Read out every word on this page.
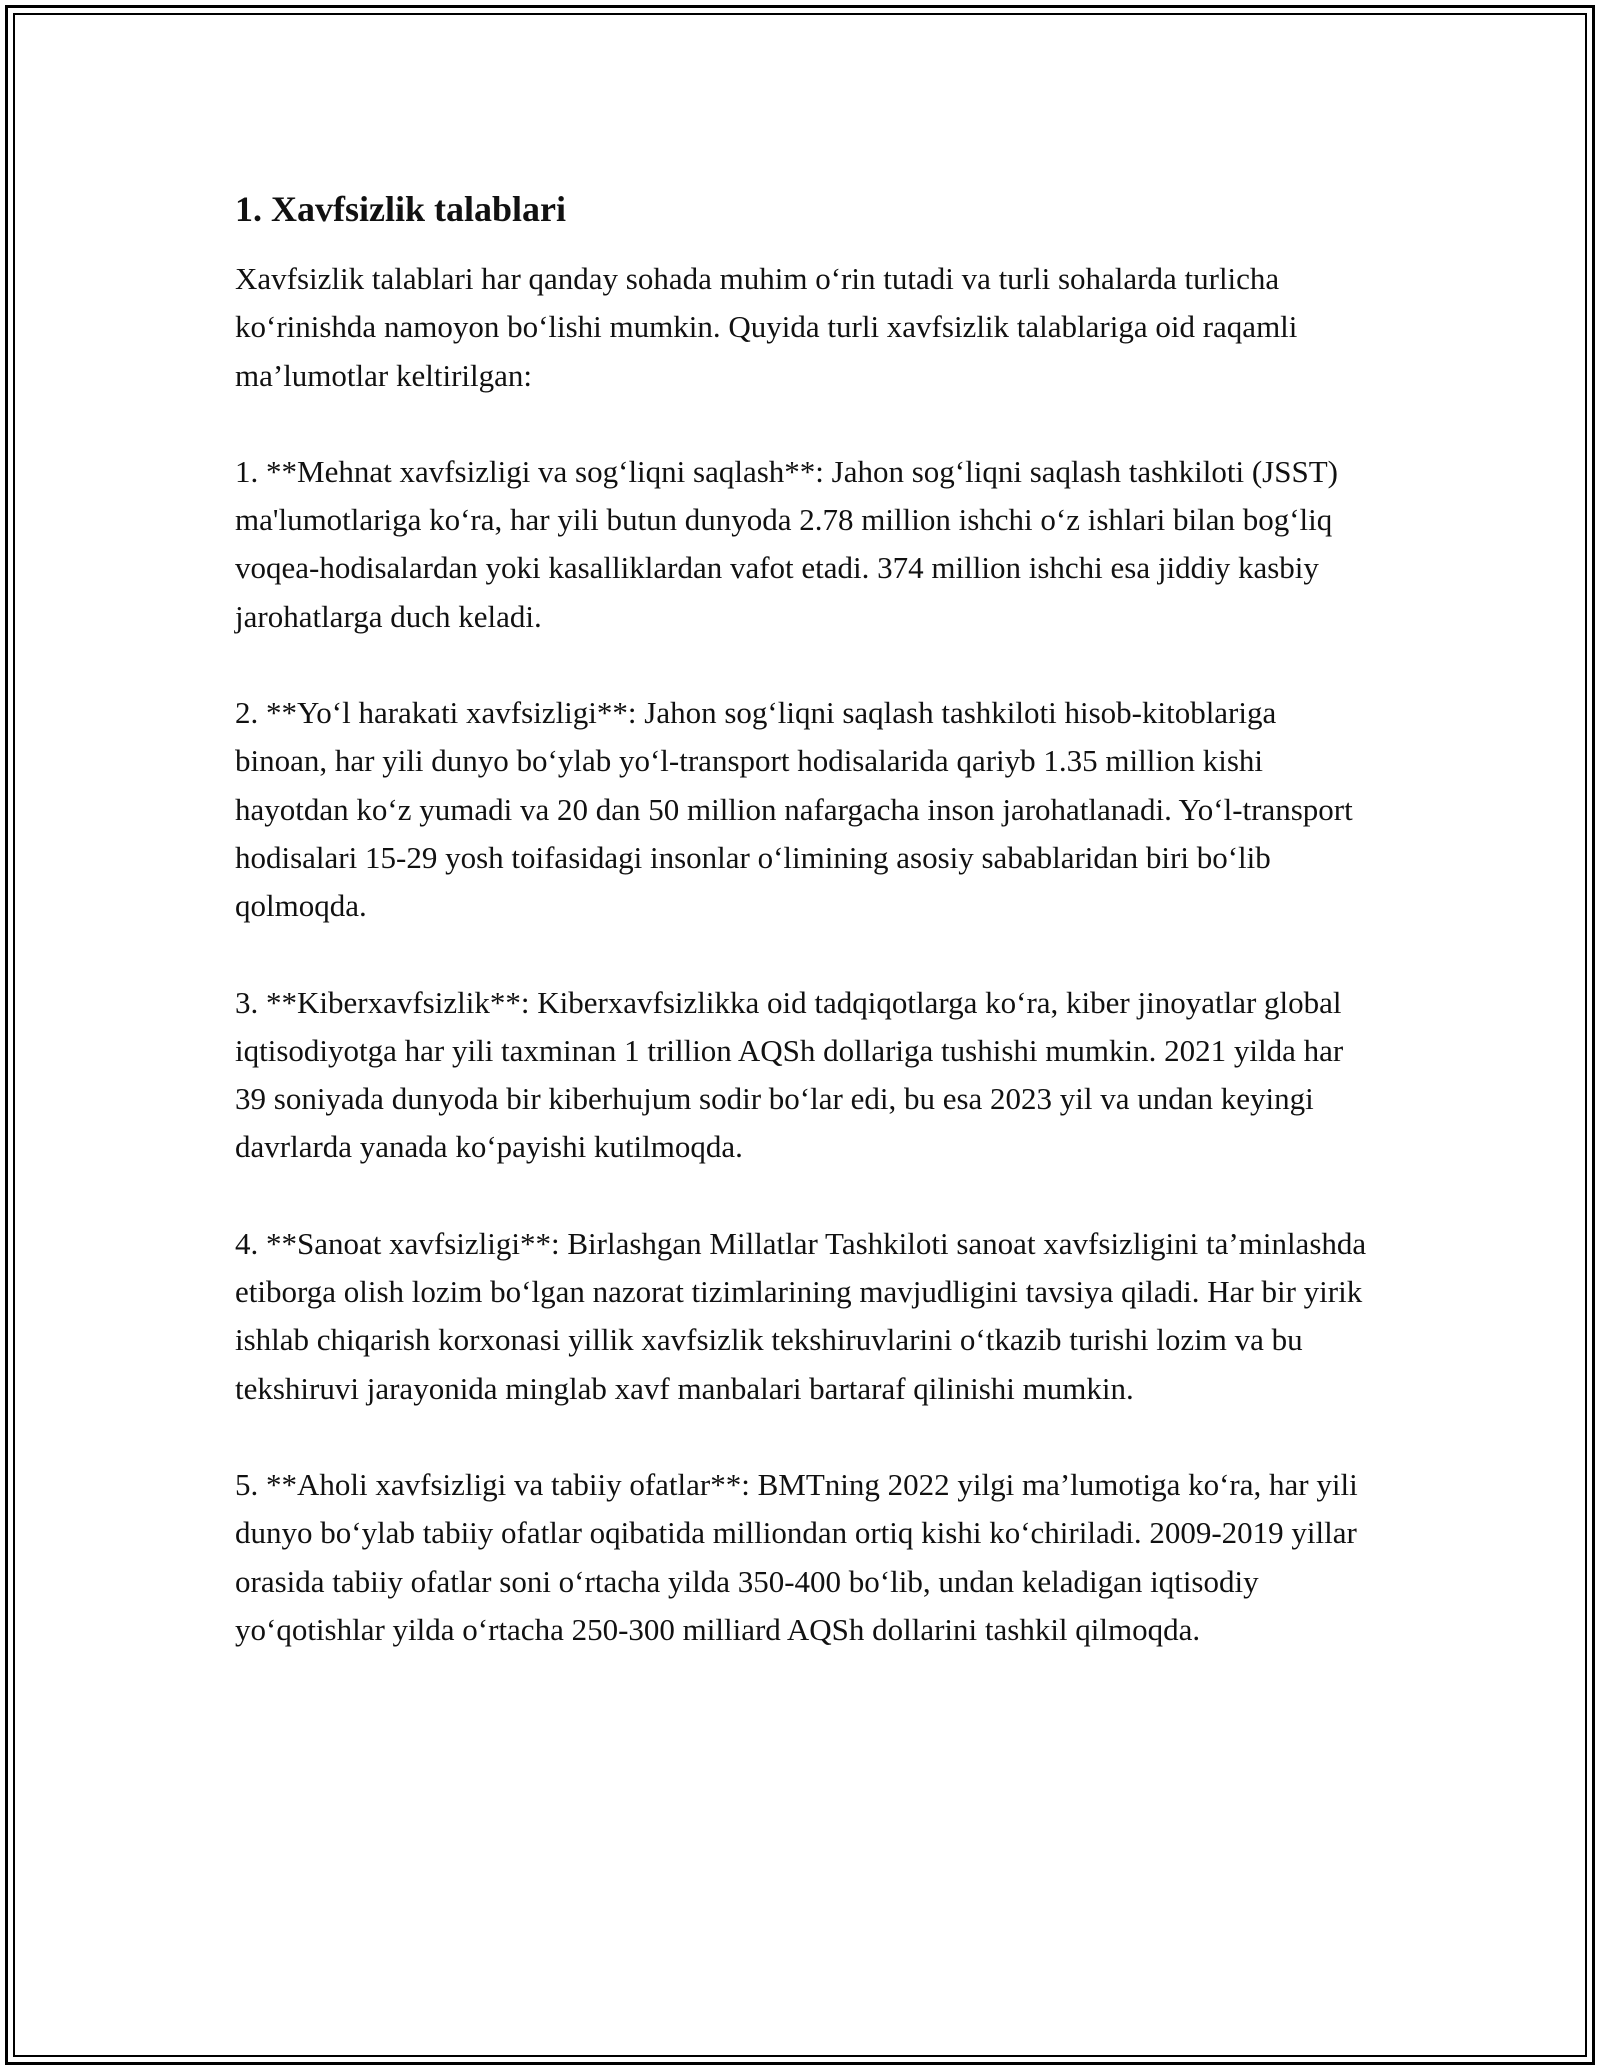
1. Xavfsizlik talablari

Xavfsizlik talablari har qanday sohada muhim o‘rin tutadi va turli sohalarda turlicha ko‘rinishda namoyon bo‘lishi mumkin. Quyida turli xavfsizlik talablariga oid raqamli ma’lumotlar keltirilgan:

1. **Mehnat xavfsizligi va sog‘liqni saqlash**: Jahon sog‘liqni saqlash tashkiloti (JSST) ma'lumotlariga ko‘ra, har yili butun dunyoda 2.78 million ishchi o‘z ishlari bilan bog‘liq voqea-hodisalardan yoki kasalliklardan vafot etadi. 374 million ishchi esa jiddiy kasbiy jarohatlarga duch keladi.

2. **Yo‘l harakati xavfsizligi**: Jahon sog‘liqni saqlash tashkiloti hisob-kitoblariga binoan, har yili dunyo bo‘ylab yo‘l-transport hodisalarida qariyb 1.35 million kishi hayotdan ko‘z yumadi va 20 dan 50 million nafargacha inson jarohatlanadi. Yo‘l-transport hodisalari 15-29 yosh toifasidagi insonlar o‘limining asosiy sabablaridan biri bo‘lib qolmoqda.

3. **Kiberxavfsizlik**: Kiberxavfsizlikka oid tadqiqotlarga ko‘ra, kiber jinoyatlar global iqtisodiyotga har yili taxminan 1 trillion AQSh dollariga tushishi mumkin. 2021 yilda har 39 soniyada dunyoda bir kiberhujum sodir bo‘lar edi, bu esa 2023 yil va undan keyingi davrlarda yanada ko‘payishi kutilmoqda.

4. **Sanoat xavfsizligi**: Birlashgan Millatlar Tashkiloti sanoat xavfsizligini ta’minlashda etiborga olish lozim bo‘lgan nazorat tizimlarining mavjudligini tavsiya qiladi. Har bir yirik ishlab chiqarish korxonasi yillik xavfsizlik tekshiruvlarini o‘tkazib turishi lozim va bu tekshiruvi jarayonida minglab xavf manbalari bartaraf qilinishi mumkin.

5. **Aholi xavfsizligi va tabiiy ofatlar**: BMTning 2022 yilgi ma’lumotiga ko‘ra, har yili dunyo bo‘ylab tabiiy ofatlar oqibatida milliondan ortiq kishi ko‘chiriladi. 2009-2019 yillar orasida tabiiy ofatlar soni o‘rtacha yilda 350-400 bo‘lib, undan keladigan iqtisodiy yo‘qotishlar yilda o‘rtacha 250-300 milliard AQSh dollarini tashkil qilmoqda.
